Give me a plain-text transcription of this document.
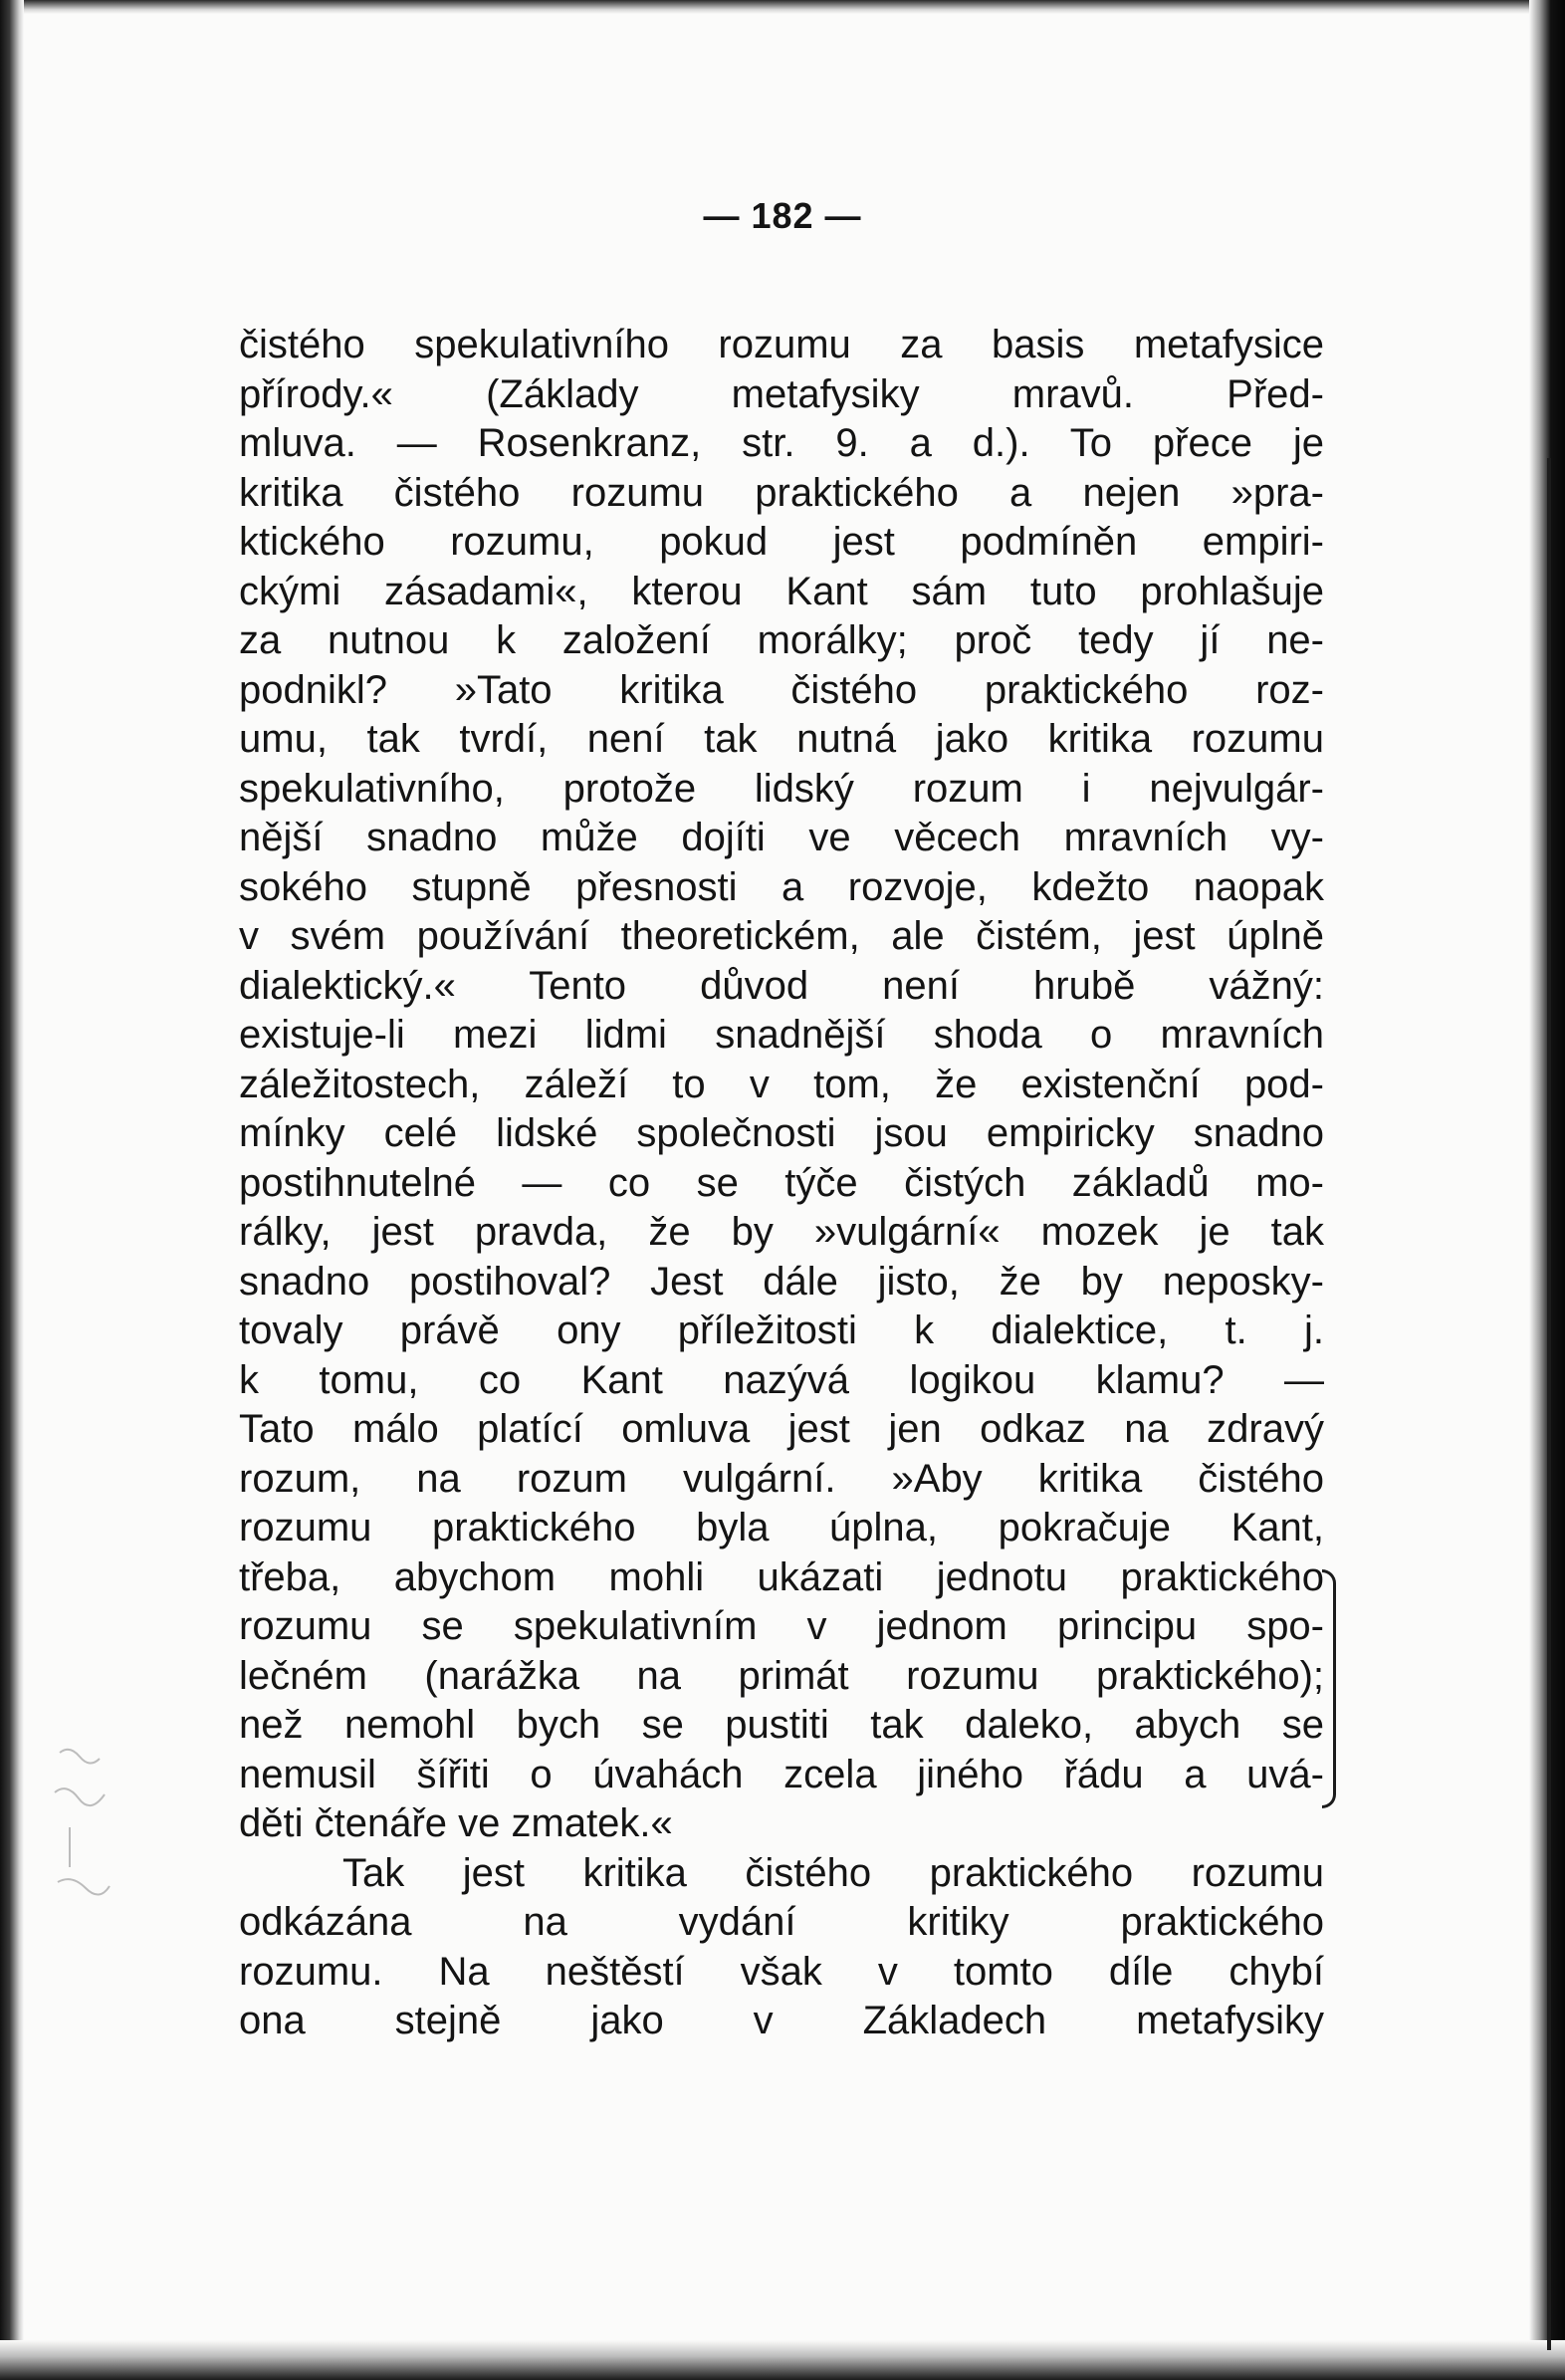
— 182 —
čistého spekulativního rozumu za basis metafysice
přírody.« (Základy metafysiky mravů. Před-
mluva. — Rosenkranz, str. 9. a d.). To přece je
kritika čistého rozumu praktického a nejen »pra-
ktického rozumu, pokud jest podmíněn empiri-
ckými zásadami«, kterou Kant sám tuto prohlašuje
za nutnou k založení morálky; proč tedy jí ne-
podnikl? »Tato kritika čistého praktického roz-
umu, tak tvrdí, není tak nutná jako kritika rozumu
spekulativního, protože lidský rozum i nejvulgár-
nější snadno může dojíti ve věcech mravních vy-
sokého stupně přesnosti a rozvoje, kdežto naopak
v svém používání theoretickém, ale čistém, jest úplně
dialektický.« Tento důvod není hrubě vážný:
existuje-li mezi lidmi snadnější shoda o mravních
záležitostech, záleží to v tom, že existenční pod-
mínky celé lidské společnosti jsou empiricky snadno
postihnutelné — co se týče čistých základů mo-
rálky, jest pravda, že by »vulgární« mozek je tak
snadno postihoval? Jest dále jisto, že by neposky-
tovaly právě ony příležitosti k dialektice, t. j.
k tomu, co Kant nazývá logikou klamu? —
Tato málo platící omluva jest jen odkaz na zdravý
rozum, na rozum vulgární. »Aby kritika čistého
rozumu praktického byla úplna, pokračuje Kant,
třeba, abychom mohli ukázati jednotu praktického
rozumu se spekulativním v jednom principu spo-
lečném (narážka na primát rozumu praktického);
než nemohl bych se pustiti tak daleko, abych se
nemusil šířiti o úvahách zcela jiného řádu a uvá-
děti čtenáře ve zmatek.«
Tak jest kritika čistého praktického rozumu
odkázána na vydání kritiky praktického
rozumu. Na neštěstí však v tomto díle chybí
ona stejně jako v Základech metafysiky
